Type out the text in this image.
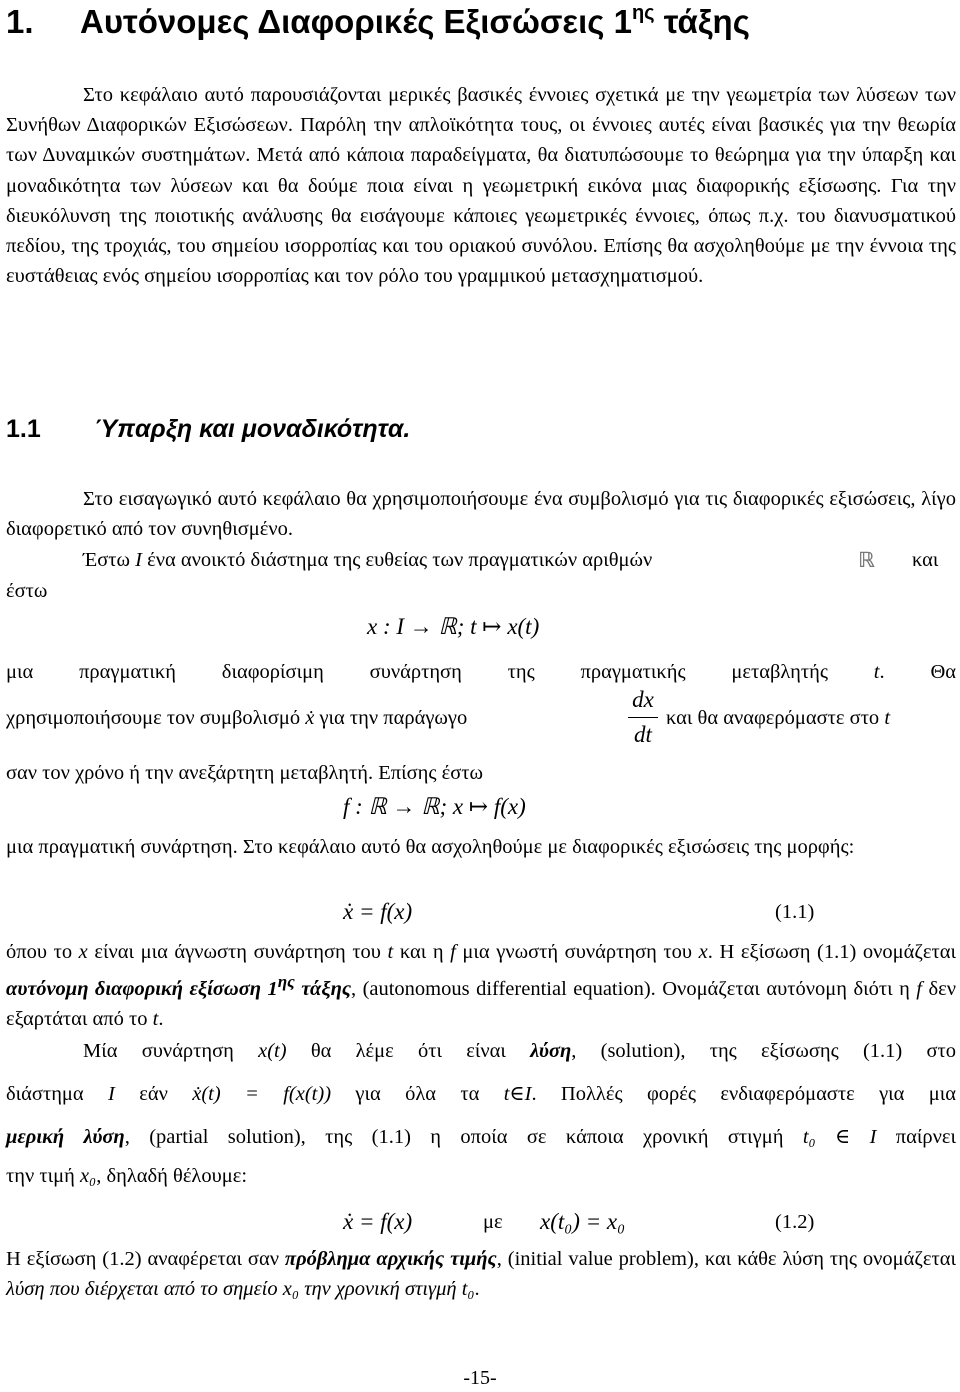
1. Αυτόνομες Διαφορικές Εξισώσεις $1^{\eta\varsigma}$ τάξης

Στο κεφάλαιο αυτό παρουσιάζονται μερικές βασικές έννοιες σχετικά με την γεωμετρία των λύσεων των Συνήθων Διαφορικών Εξισώσεων. Παρόλη την απλοϊκότητα τους, οι έννοιες αυτές είναι βασικές για την θεωρία των Δυναμικών συστημάτων. Μετά από κάποια παραδείγματα, θα διατυπώσουμε το θεώρημα για την ύπαρξη και μοναδικότητα των λύσεων και θα δούμε ποια είναι η γεωμετρική εικόνα μιας διαφορικής εξίσωσης. Για την διευκόλυνση της ποιοτικής ανάλυσης θα εισάγουμε κάποιες γεωμετρικές έννοιες, όπως π.χ. του διανυσματικού πεδίου, της τροχιάς, του σημείου ισορροπίας και του οριακού συνόλου. Επίσης θα ασχοληθούμε με την έννοια της ευστάθειας ενός σημείου ισορροπίας και τον ρόλο του γραμμικού μετασχηματισμού.

1.1 Ύπαρξη και μοναδικότητα.

Στο εισαγωγικό αυτό κεφάλαιο θα χρησιμοποιήσουμε ένα συμβολισμό για τις διαφορικές εξισώσεις, λίγο διαφορετικό από τον συνηθισμένο.

Έστω I ένα ανοικτό διάστημα της ευθείας των πραγματικών αριθμών	ℝ και
έστω
x : I → ℝ; t ↦ x(t)

μια πραγματική διαφορίσιμη συνάρτηση της πραγματικής μεταβλητής t. Θα

χρησιμοποιήσουμε τον συμβολισμό ẋ για την παράγωγο

dx
dt

και θα αναφερόμαστε στο t

σαν τον χρόνο ή την ανεξάρτητη μεταβλητή. Επίσης έστω

f : ℝ → ℝ; x ↦ f(x)

μια πραγματική συνάρτηση. Στο κεφάλαιο αυτό θα ασχοληθούμε με διαφορικές εξισώσεις της μορφής:

ẋ = f(x)	(1.1)

όπου το x είναι μια άγνωστη συνάρτηση του t και η f μια γνωστή συνάρτηση του x. Η εξίσωση (1.1) ονομάζεται αυτόνομη διαφορική εξίσωση $1^{\eta\varsigma}$ τάξης, (autonomous differential equation). Ονομάζεται αυτόνομη διότι η f δεν εξαρτάται από το t.

Μία συνάρτηση x(t) θα λέμε ότι είναι λύση, (solution), της εξίσωσης (1.1) στο

διάστημα I εάν ẋ(t) = f(x(t)) για όλα τα t∈I. Πολλές φορές ενδιαφερόμαστε για μια

μερική λύση, (partial solution), της (1.1) η οποία σε κάποια χρονική στιγμή t₀ ∈ I παίρνει

την τιμή x₀, δηλαδή θέλουμε:

ẋ = f(x)	με x(t₀) = x₀	(1.2)

Η εξίσωση (1.2) αναφέρεται σαν πρόβλημα αρχικής τιμής, (initial value problem), και κάθε λύση της ονομάζεται λύση που διέρχεται από το σημείο x₀ την χρονική στιγμή t₀.

-15-
